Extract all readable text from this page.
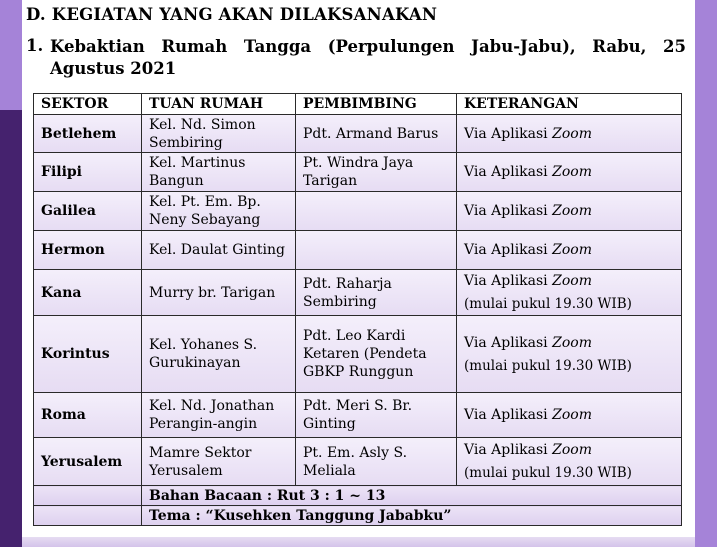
D. KEGIATAN YANG AKAN DILAKSANAKAN
1. Kebaktian Rumah Tangga (Perpulungen Jabu-Jabu), Rabu, 25 Agustus 2021
SEKTOR	TUAN RUMAH	PEMBIMBING	KETERANGAN
Betlehem	Kel. Nd. Simon Sembiring	Pdt. Armand Barus	Via Aplikasi Zoom
Filipi	Kel. Martinus Bangun	Pt. Windra Jaya Tarigan	Via Aplikasi Zoom
Galilea	Kel. Pt. Em. Bp. Neny Sebayang		Via Aplikasi Zoom
Hermon	Kel. Daulat Ginting		Via Aplikasi Zoom
Kana	Murry br. Tarigan	Pdt. Raharja Sembiring	Via Aplikasi Zoom
(mulai pukul 19.30 WIB)

Korintus	Kel. Yohanes S. Gurukinayan	Pdt. Leo Kardi Ketaren (Pendeta GBKP Runggun	Via Aplikasi Zoom
(mulai pukul 19.30 WIB)

Roma	Kel. Nd. Jonathan Perangin-angin	Pdt. Meri S. Br. Ginting	Via Aplikasi Zoom
Yerusalem	Mamre Sektor Yerusalem	Pt. Em. Asly S. Meliala	Via Aplikasi Zoom
(mulai pukul 19.30 WIB)

	Bahan Bacaan : Rut 3 : 1 ~ 13		
	Tema : “Kusehken Tanggung Jababku”		
